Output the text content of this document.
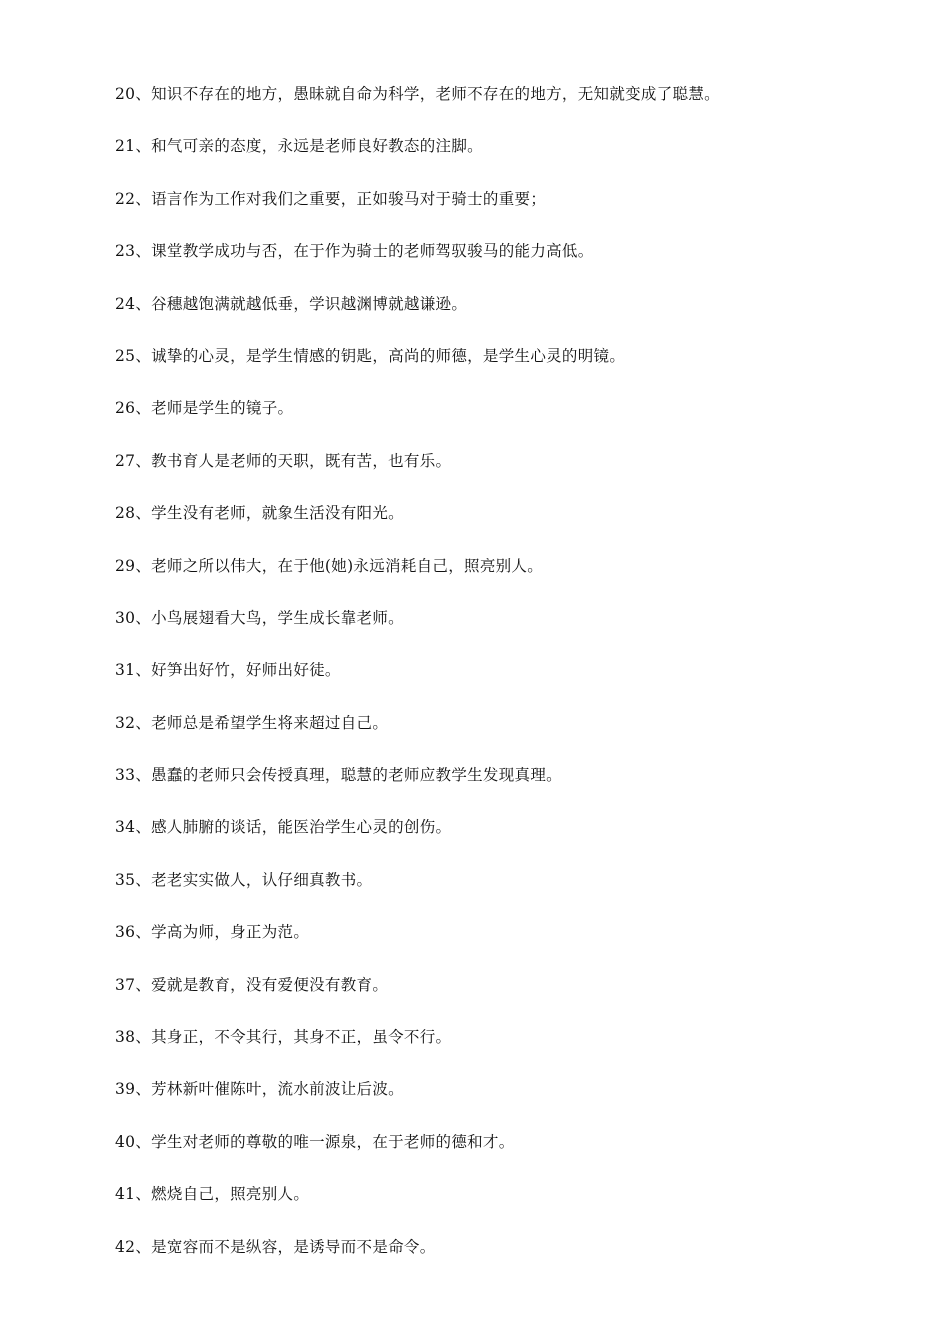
20、知识不存在的地方，愚昧就自命为科学，老师不存在的地方，无知就变成了聪慧。
21、和气可亲的态度，永远是老师良好教态的注脚。
22、语言作为工作对我们之重要，正如骏马对于骑士的重要；
23、课堂教学成功与否，在于作为骑士的老师驾驭骏马的能力高低。
24、谷穗越饱满就越低垂，学识越渊博就越谦逊。
25、诚挚的心灵，是学生情感的钥匙，高尚的师德，是学生心灵的明镜。
26、老师是学生的镜子。
27、教书育人是老师的天职，既有苦，也有乐。
28、学生没有老师，就象生活没有阳光。
29、老师之所以伟大，在于他(她)永远消耗自己，照亮别人。
30、小鸟展翅看大鸟，学生成长靠老师。
31、好笋出好竹，好师出好徒。
32、老师总是希望学生将来超过自己。
33、愚蠢的老师只会传授真理，聪慧的老师应教学生发现真理。
34、感人肺腑的谈话，能医治学生心灵的创伤。
35、老老实实做人，认仔细真教书。
36、学高为师，身正为范。
37、爱就是教育，没有爱便没有教育。
38、其身正，不令其行，其身不正，虽令不行。
39、芳林新叶催陈叶，流水前波让后波。
40、学生对老师的尊敬的唯一源泉，在于老师的德和才。
41、燃烧自己，照亮别人。
42、是宽容而不是纵容，是诱导而不是命令。
